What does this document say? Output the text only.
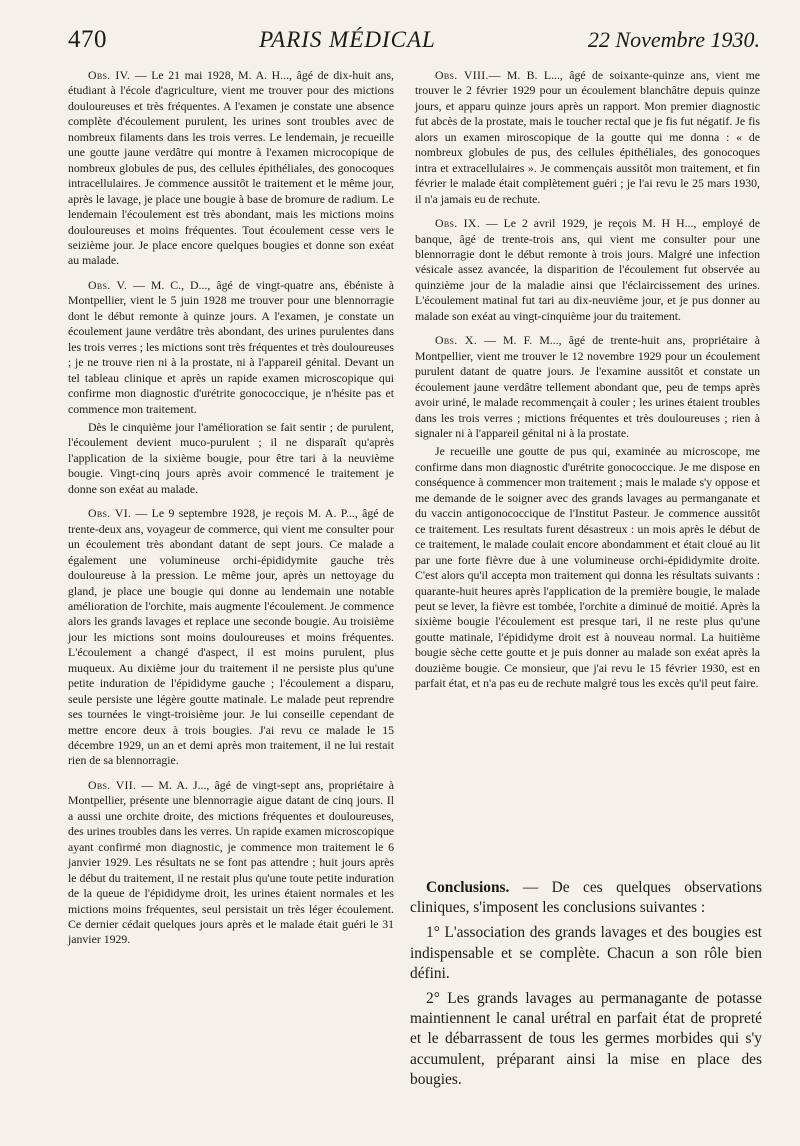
470	PARIS MÉDICAL	22 Novembre 1930.

Obs. IV. — Le 21 mai 1928, M. A. H..., âgé de dix-huit ans, étudiant à l'école d'agriculture, vient me trouver pour des mictions douloureuses et très fréquentes. A l'examen je constate une absence complète d'écoulement purulent, les urines sont troubles avec de nombreux filaments dans les trois verres. Le lendemain, je recueille une goutte jaune verdâtre qui montre à l'examen microcopique de nombreux globules de pus, des cellules épithéliales, des gonocoques intracellulaires. Je commence aussitôt le traitement et le même jour, après le lavage, je place une bougie à base de bromure de radium. Le lendemain l'écoulement est très abondant, mais les mictions moins douloureuses et moins fréquentes. Tout écoulement cesse vers le seizième jour. Je place encore quelques bougies et donne son exéat au malade.

Obs. V. — M. C., D..., âgé de vingt-quatre ans, ébéniste à Montpellier, vient le 5 juin 1928 me trouver pour une blennorragie dont le début remonte à quinze jours. A l'examen, je constate un écoulement jaune verdâtre très abondant, des urines purulentes dans les trois verres ; les mictions sont très fréquentes et très douloureuses ; je ne trouve rien ni à la prostate, ni à l'appareil génital. Devant un tel tableau clinique et après un rapide examen microscopique qui confirme mon diagnostic d'urétrite gonococcique, je n'hésite pas et commence mon traitement.

Dès le cinquième jour l'amélioration se fait sentir ; de purulent, l'écoulement devient muco-purulent ; il ne disparaît qu'après l'application de la sixième bougie, pour être tari à la neuvième bougie. Vingt-cinq jours après avoir commencé le traitement je donne son exéat au malade.

Obs. VI. — Le 9 septembre 1928, je reçois M. A. P..., âgé de trente-deux ans, voyageur de commerce, qui vient me consulter pour un écoulement très abondant datant de sept jours. Ce malade a également une volumineuse orchi-épididymite gauche très douloureuse à la pression. Le même jour, après un nettoyage du gland, je place une bougie qui donne au lendemain une notable amélioration de l'orchite, mais augmente l'écoulement. Je commence alors les grands lavages et replace une seconde bougie. Au troisième jour les mictions sont moins douloureuses et moins fréquentes. L'écoulement a changé d'aspect, il est moins purulent, plus muqueux. Au dixième jour du traitement il ne persiste plus qu'une petite induration de l'épididyme gauche ; l'écoulement a disparu, seule persiste une légère goutte matinale. Le malade peut reprendre ses tournées le vingt-troisième jour. Je lui conseille cependant de mettre encore deux à trois bougies. J'ai revu ce malade le 15 décembre 1929, un an et demi après mon traitement, il ne lui restait rien de sa blennorragie.

Obs. VII. — M. A. J..., âgé de vingt-sept ans, propriétaire à Montpellier, présente une blennorragie aigue datant de cinq jours. Il a aussi une orchite droite, des mictions fréquentes et douloureuses, des urines troubles dans les verres. Un rapide examen microscopique ayant confirmé mon diagnostic, je commence mon traitement le 6 janvier 1929. Les résultats ne se font pas attendre ; huit jours après le début du traitement, il ne restait plus qu'une toute petite induration de la queue de l'épididyme droit, les urines étaient normales et les mictions moins fréquentes, seul persistait un très léger écoulement. Ce dernier cédait quelques jours après et le malade était guéri le 31 janvier 1929.

Obs. VIII.— M. B. L..., âgé de soixante-quinze ans, vient me trouver le 2 février 1929 pour un écoulement blanchâtre depuis quinze jours, et apparu quinze jours après un rapport. Mon premier diagnostic fut abcès de la prostate, mais le toucher rectal que je fis fut négatif. Je fis alors un examen miroscopique de la goutte qui me donna : « de nombreux globules de pus, des cellules épithéliales, des gonocoques intra et extracellulaires ». Je commençais aussitôt mon traitement, et fin février le malade était complètement guéri ; je l'ai revu le 25 mars 1930, il n'a jamais eu de rechute.

Obs. IX. — Le 2 avril 1929, je reçois M. H H..., employé de banque, âgé de trente-trois ans, qui vient me consulter pour une blennorragie dont le début remonte à trois jours. Malgré une infection vésicale assez avancée, la disparition de l'écoulement fut observée au quinzième jour de la maladie ainsi que l'éclaircissement des urines. L'écoulement matinal fut tari au dix-neuvième jour, et je pus donner au malade son exéat au vingt-cinquième jour du traitement.

Obs. X. — M. F. M..., âgé de trente-huit ans, propriétaire à Montpellier, vient me trouver le 12 novembre 1929 pour un écoulement purulent datant de quatre jours. Je l'examine aussitôt et constate un écoulement jaune verdâtre tellement abondant que, peu de temps après avoir uriné, le malade recommençait à couler ; les urines étaient troubles dans les trois verres ; mictions fréquentes et très douloureuses ; rien à signaler ni à l'appareil génital ni à la prostate.

Je recueille une goutte de pus qui, examinée au microscope, me confirme dans mon diagnostic d'urétrite gonococcique. Je me dispose en conséquence à commencer mon traitement ; mais le malade s'y oppose et me demande de le soigner avec des grands lavages au permanganate et du vaccin antigonococcique de l'Institut Pasteur. Je commence aussitôt ce traitement. Les resultats furent désastreux : un mois après le début de ce traitement, le malade coulait encore abondamment et était cloué au lit par une forte fièvre due à une volumineuse orchi-épididymite droite. C'est alors qu'il accepta mon traitement qui donna les résultats suivants : quarante-huit heures après l'application de la première bougie, le malade peut se lever, la fièvre est tombée, l'orchite a diminué de moitié. Après la sixième bougie l'écoulement est presque tari, il ne reste plus qu'une goutte matinale, l'épididyme droit est à nouveau normal. La huitième bougie sèche cette goutte et je puis donner au malade son exéat après la douzième bougie. Ce monsieur, que j'ai revu le 15 février 1930, est en parfait état, et n'a pas eu de rechute malgré tous les excès qu'il peut faire.

Conclusions. — De ces quelques observations cliniques, s'imposent les conclusions suivantes :

1° L'association des grands lavages et des bougies est indispensable et se complète. Chacun a son rôle bien défini.

2° Les grands lavages au permanagante de potasse maintiennent le canal urétral en parfait état de propreté et le débarrassent de tous les germes morbides qui s'y accumulent, préparant ainsi la mise en place des bougies.
